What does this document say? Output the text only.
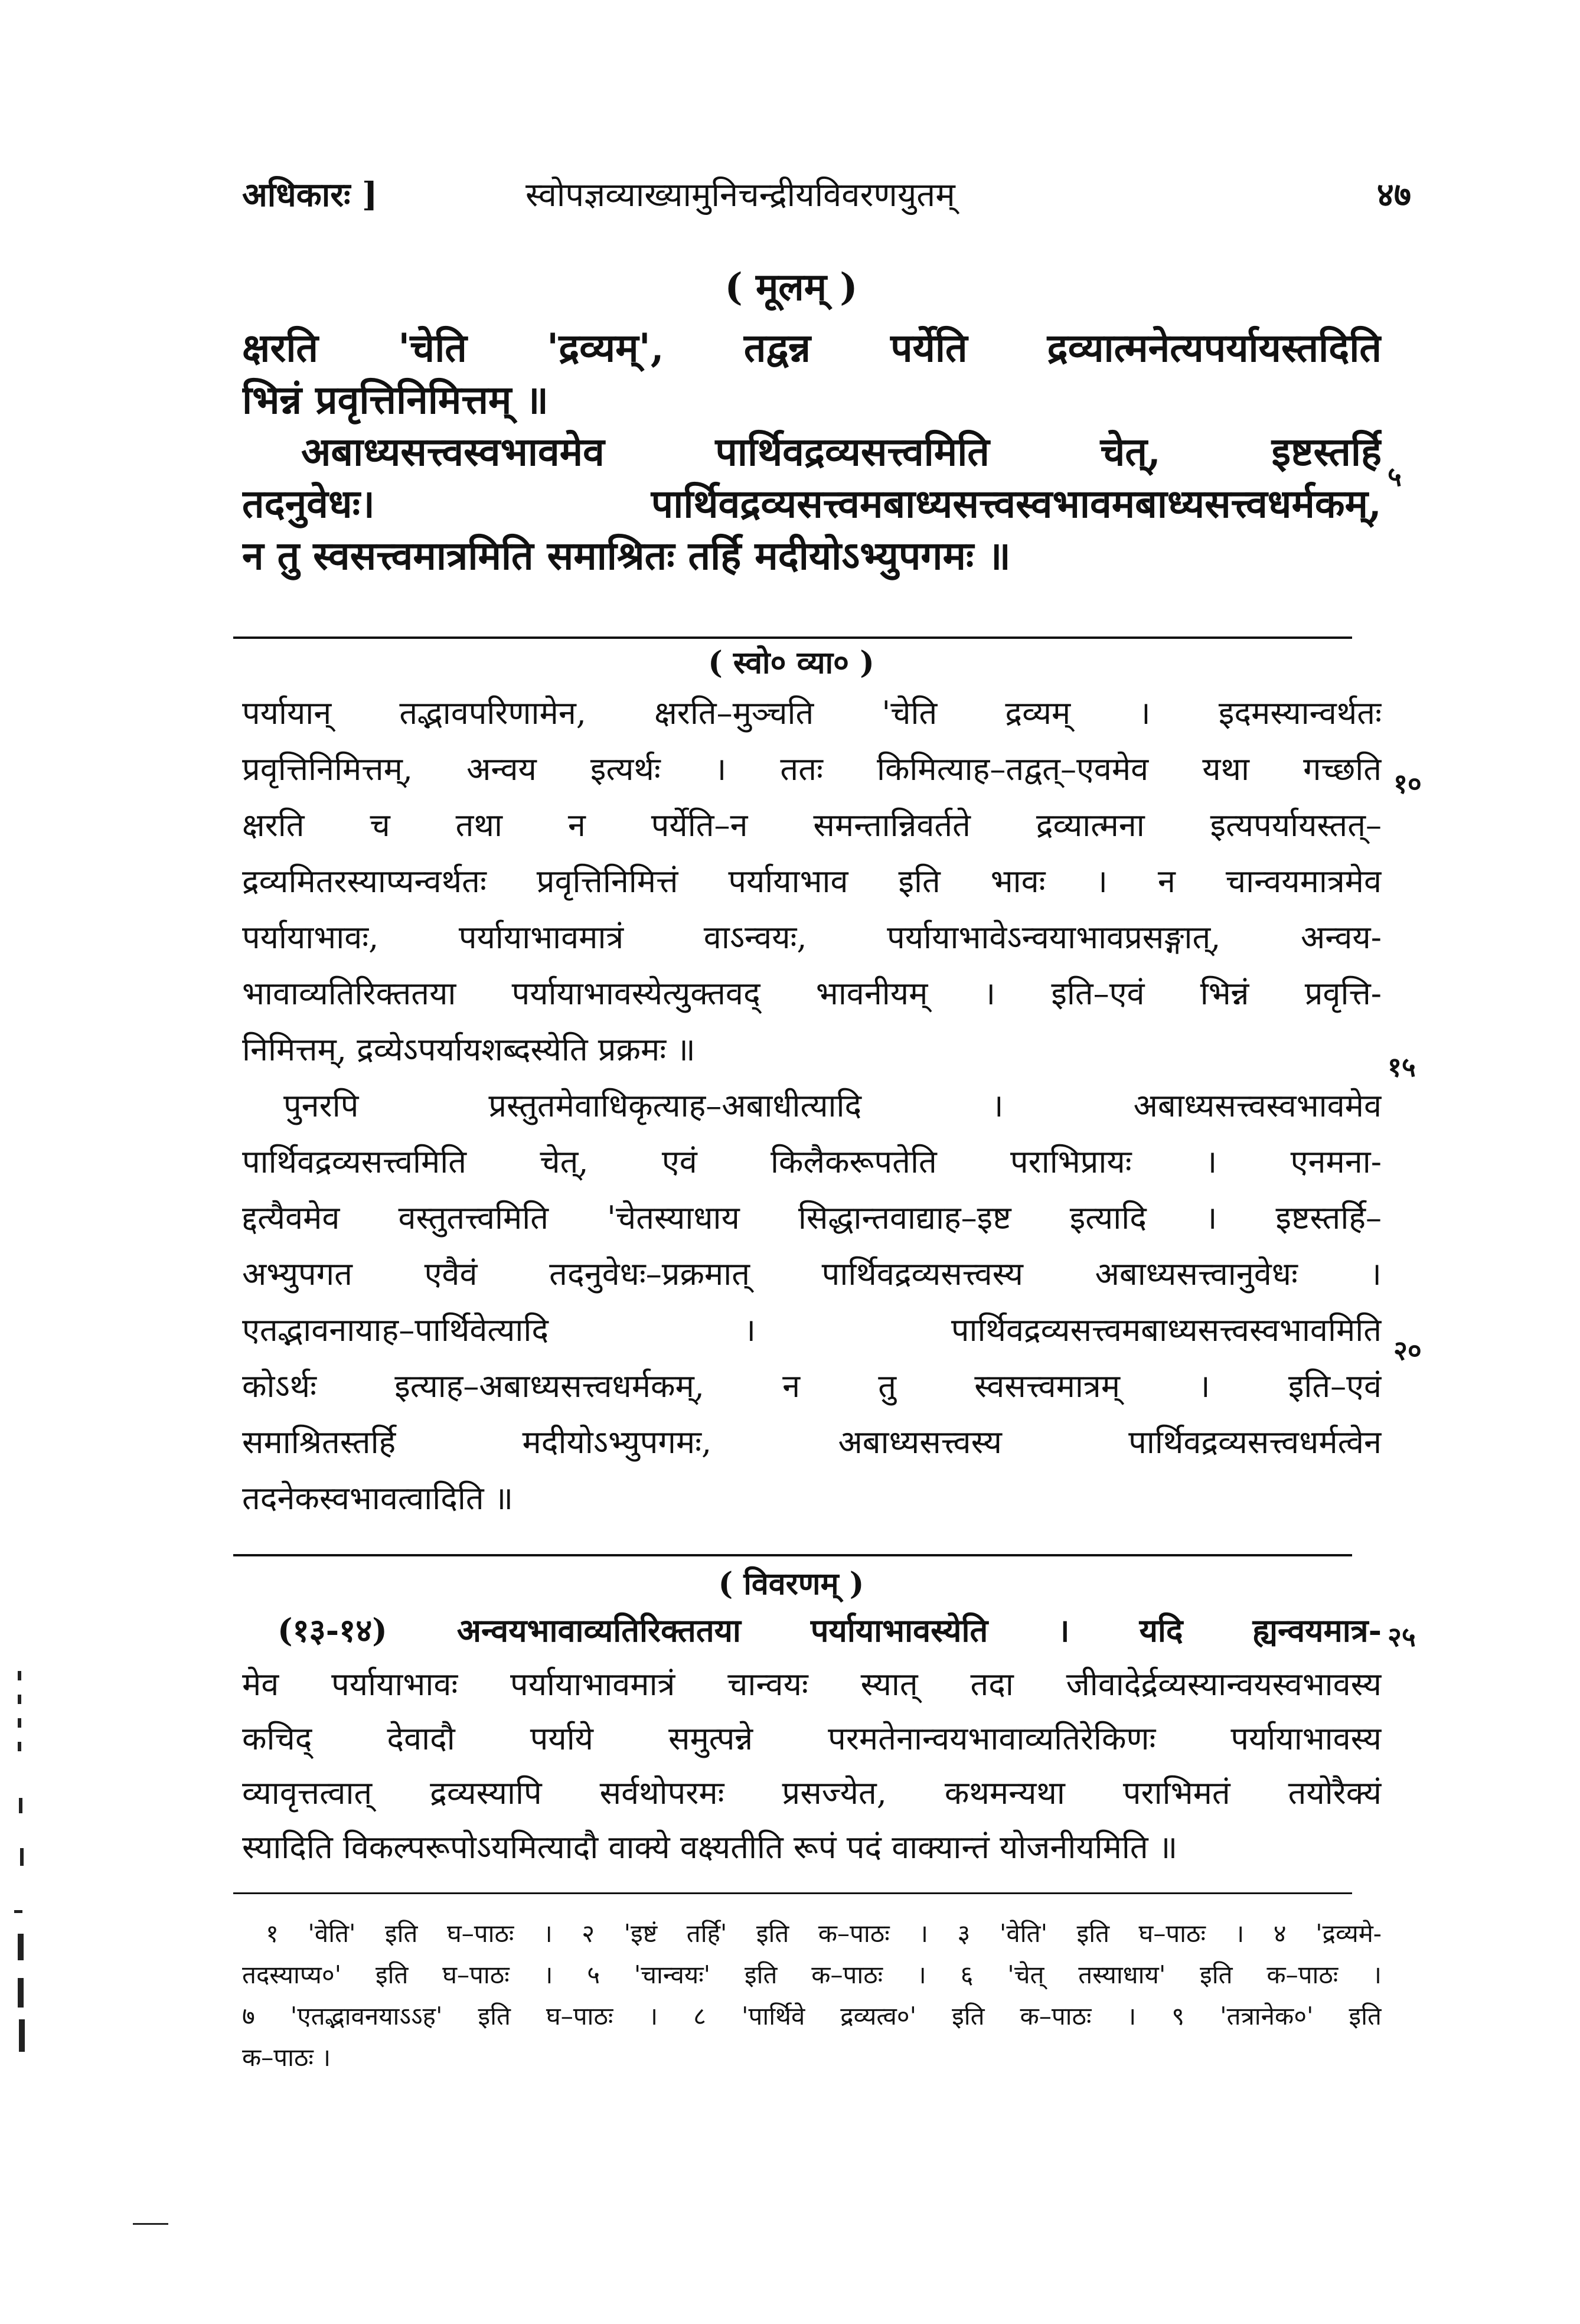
अधिकारः ]	स्वोपज्ञव्याख्यामुनिचन्द्रीयविवरणयुतम्	४७
( मूलम् )
क्षरति 'चेति 'द्रव्यम्', तद्वन्न पर्येति द्रव्यात्मनेत्यपर्यायस्तदिति
भिन्नं प्रवृत्तिनिमित्तम् ॥
अबाध्यसत्त्वस्वभावमेव पार्थिवद्रव्यसत्त्वमिति चेत्, इष्टस्तर्हि
तदनुवेधः। पार्थिवद्रव्यसत्त्वमबाध्यसत्त्वस्वभावमबाध्यसत्त्वधर्मकम्,
न तु स्वसत्त्वमात्रमिति समाश्रितः तर्हि मदीयोऽभ्युपगमः ॥
५
( स्वो० व्या० )
पर्यायान् तद्भावपरिणामेन, क्षरति–मुञ्चति 'चेति द्रव्यम् । इदमस्यान्वर्थतः
प्रवृत्तिनिमित्तम्, अन्वय इत्यर्थः । ततः किमित्याह–तद्वत्–एवमेव यथा गच्छति
क्षरति च तथा न पर्येति–न समन्तान्निवर्तते द्रव्यात्मना इत्यपर्यायस्तत्–
द्रव्यमितरस्याप्यन्वर्थतः प्रवृत्तिनिमित्तं पर्यायाभाव इति भावः । न चान्वयमात्रमेव
पर्यायाभावः, पर्यायाभावमात्रं वाऽन्वयः, पर्यायाभावेऽन्वयाभावप्रसङ्गात्, अन्वय-
भावाव्यतिरिक्ततया पर्यायाभावस्येत्युक्तवद् भावनीयम् । इति–एवं भिन्नं प्रवृत्ति-
निमित्तम्, द्रव्येऽपर्यायशब्दस्येति प्रक्रमः ॥
पुनरपि प्रस्तुतमेवाधिकृत्याह–अबाधीत्यादि । अबाध्यसत्त्वस्वभावमेव
पार्थिवद्रव्यसत्त्वमिति चेत्, एवं किलैकरूपतेति पराभिप्रायः । एनमना-
द्दत्यैवमेव वस्तुतत्त्वमिति 'चेतस्याधाय सिद्धान्तवाद्याह–इष्ट इत्यादि । इष्टस्तर्हि–
अभ्युपगत एवैवं तदनुवेधः–प्रक्रमात् पार्थिवद्रव्यसत्त्वस्य अबाध्यसत्त्वानुवेधः ।
एतद्भावनायाह–पार्थिवेत्यादि । पार्थिवद्रव्यसत्त्वमबाध्यसत्त्वस्वभावमिति
कोऽर्थः इत्याह–अबाध्यसत्त्वधर्मकम्, न तु स्वसत्त्वमात्रम् । इति–एवं
समाश्रितस्तर्हि मदीयोऽभ्युपगमः, अबाध्यसत्त्वस्य पार्थिवद्रव्यसत्त्वधर्मत्वेन
तदनेकस्वभावत्वादिति ॥
१०
१५
२०
( विवरणम् )
(१३-१४) अन्वयभावाव्यतिरिक्ततया पर्यायाभावस्येति । यदि ह्यन्वयमात्र-
मेव पर्यायाभावः पर्यायाभावमात्रं चान्वयः स्यात् तदा जीवादेर्द्रव्यस्यान्वयस्वभावस्य
कचिद् देवादौ पर्याये समुत्पन्ने परमतेनान्वयभावाव्यतिरेकिणः पर्यायाभावस्य
व्यावृत्तत्वात् द्रव्यस्यापि सर्वथोपरमः प्रसज्येत, कथमन्यथा पराभिमतं तयोरैक्यं
स्यादिति विकल्परूपोऽयमित्यादौ वाक्ये वक्ष्यतीति रूपं पदं वाक्यान्तं योजनीयमिति ॥
२५
१ 'वेति' इति घ–पाठः । २ 'इष्टं तर्हि' इति क–पाठः । ३ 'वेति' इति घ–पाठः । ४ 'द्रव्यमे-
तदस्याप्य०' इति घ–पाठः । ५ 'चान्वयः' इति क–पाठः । ६ 'चेत् तस्याधाय' इति क–पाठः ।
७ 'एतद्भावनयाऽऽह' इति घ–पाठः । ८ 'पार्थिवे द्रव्यत्व०' इति क–पाठः । ९ 'तत्रानेक०' इति
क–पाठः ।
